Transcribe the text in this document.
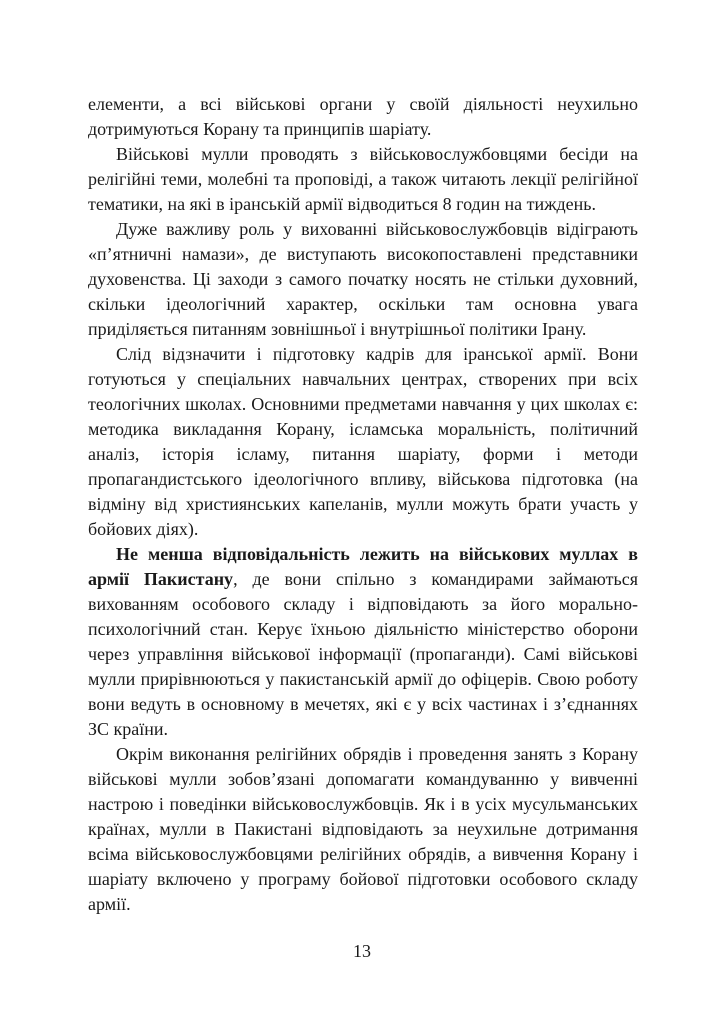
елементи, а всі військові органи у своїй діяльності неухильно дотримуються Корану та принципів шаріату.

Військові мулли проводять з військовослужбовцями бесіди на релігійні теми, молебні та проповіді, а також читають лекції релігійної тематики, на які в іранській армії відводиться 8 годин на тиждень.

Дуже важливу роль у вихованні військовослужбовців відіграють «п’ятничні намази», де виступають високопоставлені представники духовенства. Ці заходи з самого початку носять не стільки духовний, скільки ідеологічний характер, оскільки там основна увага приділяється питанням зовнішньої і внутрішньої політики Ірану.

Слід відзначити і підготовку кадрів для іранської армії. Вони готуються у спеціальних навчальних центрах, створених при всіх теологічних школах. Основними предметами навчання у цих школах є: методика викладання Корану, ісламська моральність, політичний аналіз, історія ісламу, питання шаріату, форми і методи пропагандистського ідеологічного впливу, військова підготовка (на відміну від християнських капеланів, мулли можуть брати участь у бойових діях).

Не менша відповідальність лежить на військових муллах в армії Пакистану, де вони спільно з командирами займаються вихованням особового складу і відповідають за його морально-психологічний стан. Керує їхньою діяльністю міністерство оборони через управління військової інформації (пропаганди). Самі військові мулли прирівнюються у пакистанській армії до офіцерів. Свою роботу вони ведуть в основному в мечетях, які є у всіх частинах і з’єднаннях ЗС країни.

Окрім виконання релігійних обрядів і проведення занять з Корану військові мулли зобов’язані допомагати командуванню у вивченні настрою і поведінки військовослужбовців. Як і в усіх мусульманських країнах, мулли в Пакистані відповідають за неухильне дотримання всіма військовослужбовцями релігійних обрядів, а вивчення Корану і шаріату включено у програму бойової підготовки особового складу армії.

13
